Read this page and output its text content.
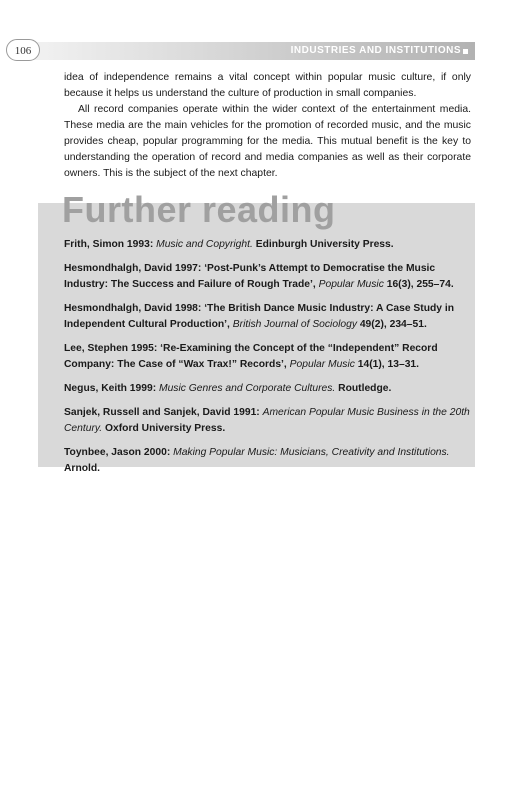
106	INDUSTRIES AND INSTITUTIONS

idea of independence remains a vital concept within popular music culture, if only because it helps us understand the culture of production in small companies.

All record companies operate within the wider context of the entertainment media. These media are the main vehicles for the promotion of recorded music, and the music provides cheap, popular programming for the media. This mutual benefit is the key to understanding the operation of record and media companies as well as their corporate owners. This is the subject of the next chapter.

Further reading
Frith, Simon 1993: Music and Copyright. Edinburgh University Press.
Hesmondhalgh, David 1997: ‘Post-Punk’s Attempt to Democratise the Music Industry: The Success and Failure of Rough Trade’, Popular Music 16(3), 255–74.
Hesmondhalgh, David 1998: ‘The British Dance Music Industry: A Case Study in Independent Cultural Production’, British Journal of Sociology 49(2), 234–51.
Lee, Stephen 1995: ‘Re-Examining the Concept of the “Independent” Record Company: The Case of “Wax Trax!” Records’, Popular Music 14(1), 13–31.
Negus, Keith 1999: Music Genres and Corporate Cultures. Routledge.
Sanjek, Russell and Sanjek, David 1991: American Popular Music Business in the 20th Century. Oxford University Press.
Toynbee, Jason 2000: Making Popular Music: Musicians, Creativity and Institutions. Arnold.
